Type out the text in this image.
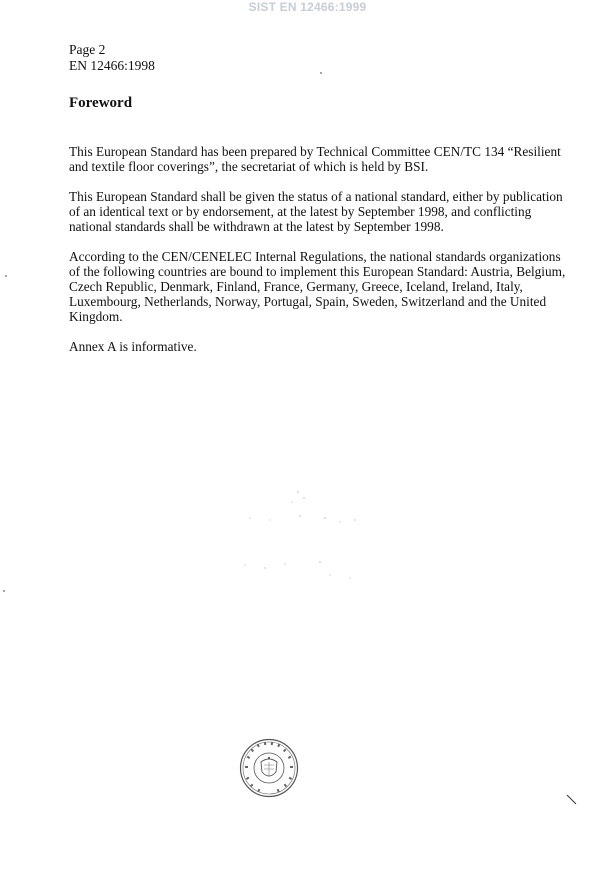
SIST EN 12466:1999
Page 2
EN 12466:1998
Foreword

This European Standard has been prepared by Technical Committee CEN/TC 134 “Resilient
and textile floor coverings”, the secretariat of which is held by BSI.

This European Standard shall be given the status of a national standard, either by publication
of an identical text or by endorsement, at the latest by September 1998, and conflicting
national standards shall be withdrawn at the latest by September 1998.

According to the CEN/CENELEC Internal Regulations, the national standards organizations
of the following countries are bound to implement this European Standard: Austria, Belgium,
Czech Republic, Denmark, Finland, France, Germany, Greece, Iceland, Ireland, Italy,
Luxembourg, Netherlands, Norway, Portugal, Spain, Sweden, Switzerland and the United
Kingdom.

Annex A is informative.
